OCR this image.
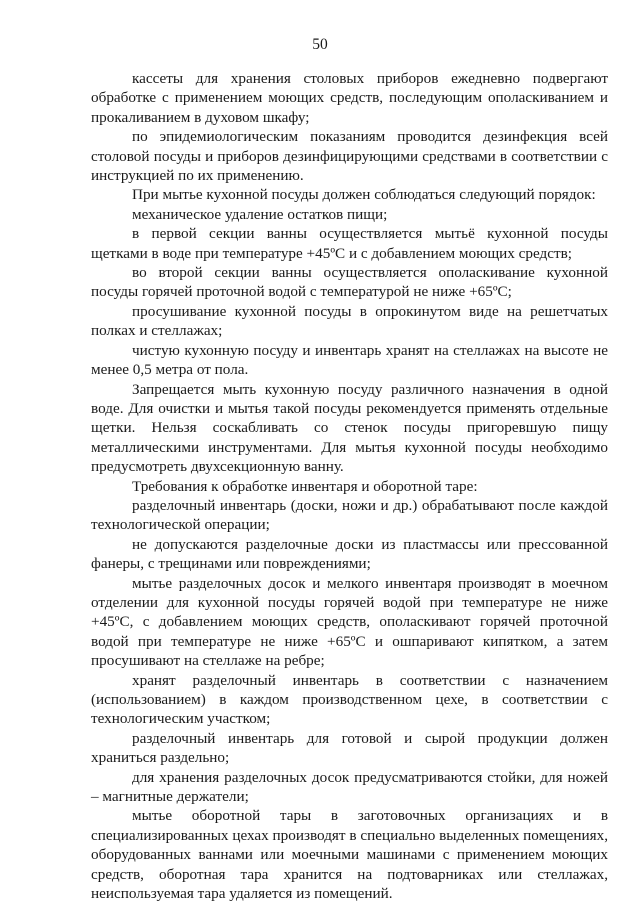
50

кассеты для хранения столовых приборов ежедневно подвергают обработке с применением моющих средств, последующим ополаскиванием и прокаливанием в духовом шкафу;

по эпидемиологическим показаниям проводится дезинфекция всей столовой посуды и приборов дезинфицирующими средствами в соответствии с инструкцией по их применению.

При мытье кухонной посуды должен соблюдаться следующий порядок:

механическое удаление остатков пищи;

в первой секции ванны осуществляется мытьё кухонной посуды щетками в воде при температуре +45ºС и с добавлением моющих средств;

во второй секции ванны осуществляется ополаскивание кухонной посуды горячей проточной водой с температурой не ниже +65ºС;

просушивание кухонной посуды в опрокинутом виде на решетчатых полках и стеллажах;

чистую кухонную посуду и инвентарь хранят на стеллажах на высоте не менее 0,5 метра от пола.

Запрещается мыть кухонную посуду различного назначения в одной воде. Для очистки и мытья такой посуды рекомендуется применять отдельные щетки. Нельзя соскабливать со стенок посуды пригоревшую пищу металлическими инструментами. Для мытья кухонной посуды необходимо предусмотреть двухсекционную ванну.

Требования к обработке инвентаря и оборотной таре:

разделочный инвентарь (доски, ножи и др.) обрабатывают после каждой технологической операции;

не допускаются разделочные доски из пластмассы или прессованной фанеры, с трещинами или повреждениями;

мытье разделочных досок и мелкого инвентаря производят в моечном отделении для кухонной посуды горячей водой при температуре не ниже +45ºС, с добавлением моющих средств, ополаскивают горячей проточной водой при температуре не ниже +65ºС и ошпаривают кипятком, а затем просушивают на стеллаже на ребре;

хранят разделочный инвентарь в соответствии с назначением (использованием) в каждом производственном цехе, в соответствии с технологическим участком;

разделочный инвентарь для готовой и сырой продукции должен храниться раздельно;

для хранения разделочных досок предусматриваются стойки, для ножей – магнитные держатели;

мытье оборотной тары в заготовочных организациях и в специализированных цехах производят в специально выделенных помещениях, оборудованных ваннами или моечными машинами с применением моющих средств, оборотная тара хранится на подтоварниках или стеллажах, неиспользуемая тара удаляется из помещений.
